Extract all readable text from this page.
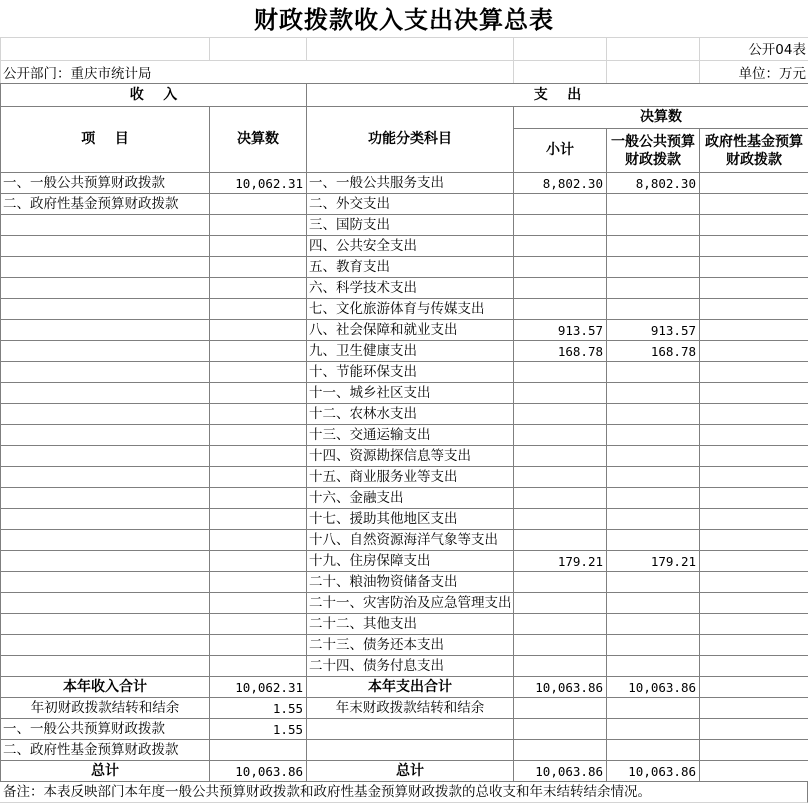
财政拨款收入支出决算总表
					公开04表
公开部门：重庆市统计局					单位：万元
收    入		支    出			
项    目	决算数	功能分类科目	决算数		
			小计	一般公共预算财政拨款	政府性基金预算财政拨款
一、一般公共预算财政拨款	10,062.31	一、一般公共服务支出	8,802.30	8,802.30	
二、政府性基金预算财政拨款		二、外交支出			
		三、国防支出			
		四、公共安全支出			
		五、教育支出			
		六、科学技术支出			
		七、文化旅游体育与传媒支出			
		八、社会保障和就业支出	913.57	913.57	
		九、卫生健康支出	168.78	168.78	
		十、节能环保支出			
		十一、城乡社区支出			
		十二、农林水支出			
		十三、交通运输支出			
		十四、资源勘探信息等支出			
		十五、商业服务业等支出			
		十六、金融支出			
		十七、援助其他地区支出			
		十八、自然资源海洋气象等支出			
		十九、住房保障支出	179.21	179.21	
		二十、粮油物资储备支出			
		二十一、灾害防治及应急管理支出			
		二十二、其他支出			
		二十三、债务还本支出			
		二十四、债务付息支出			
本年收入合计	10,062.31	本年支出合计	10,063.86	10,063.86	
年初财政拨款结转和结余	1.55	年末财政拨款结转和结余			
一、一般公共预算财政拨款	1.55				
二、政府性基金预算财政拨款					
总计	10,063.86	总计	10,063.86	10,063.86	
备注：本表反映部门本年度一般公共预算财政拨款和政府性基金预算财政拨款的总收支和年末结转结余情况。
